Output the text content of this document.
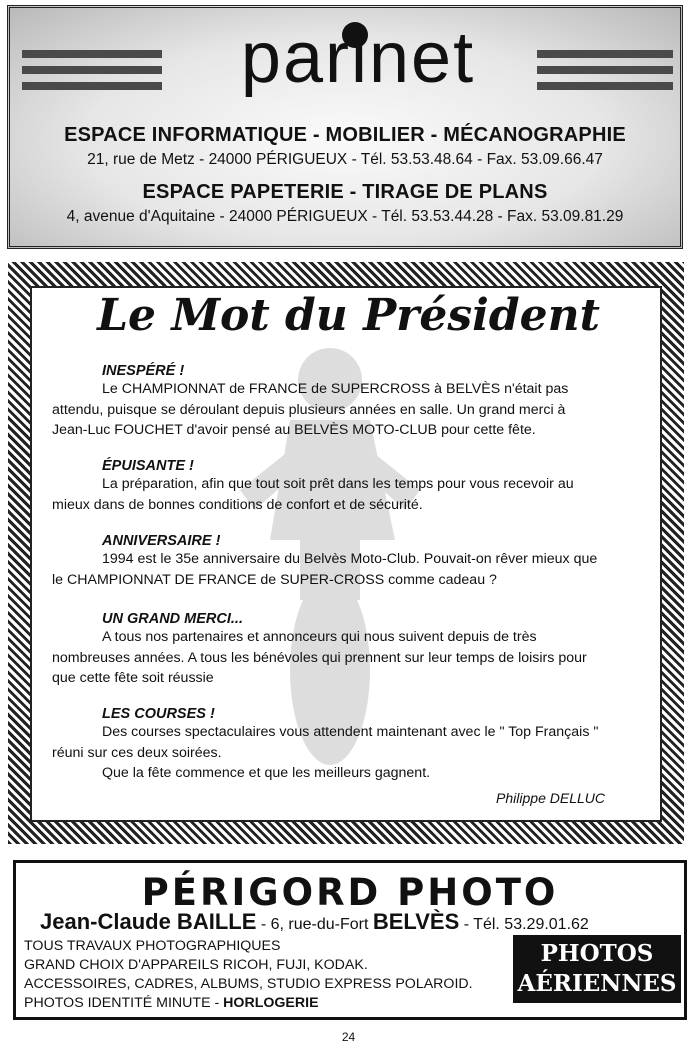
parinet
ESPACE INFORMATIQUE - MOBILIER - MÉCANOGRAPHIE
21, rue de Metz - 24000 PÉRIGUEUX - Tél. 53.53.48.64 - Fax. 53.09.66.47
ESPACE PAPETERIE - TIRAGE DE PLANS
4, avenue d'Aquitaine - 24000 PÉRIGUEUX - Tél. 53.53.44.28 - Fax. 53.09.81.29
Le Mot du Président
INESPÉRÉ !
Le CHAMPIONNAT de FRANCE de SUPERCROSS à BELVÈS n'était pas
attendu, puisque se déroulant depuis plusieurs années en salle. Un grand merci à
Jean-Luc FOUCHET d'avoir pensé au BELVÈS MOTO-CLUB pour cette fête.
ÉPUISANTE !
La préparation, afin que tout soit prêt dans les temps pour vous recevoir au
mieux dans de bonnes conditions de confort et de sécurité.
ANNIVERSAIRE !
1994 est le 35e anniversaire du Belvès Moto-Club. Pouvait-on rêver mieux que
le CHAMPIONNAT DE FRANCE de SUPER-CROSS comme cadeau ?
UN GRAND MERCI...
A tous nos partenaires et annonceurs qui nous suivent depuis de très
nombreuses années. A tous les bénévoles qui prennent sur leur temps de loisirs pour
que cette fête soit réussie
LES COURSES !
Des courses spectaculaires vous attendent maintenant avec le " Top Français "
réuni sur ces deux soirées.
Que la fête commence et que les meilleurs gagnent.
Philippe DELLUC
PÉRIGORD PHOTO
Jean-Claude BAILLE - 6, rue-du-Fort BELVÈS - Tél. 53.29.01.62
TOUS TRAVAUX PHOTOGRAPHIQUES
GRAND CHOIX D'APPAREILS RICOH, FUJI, KODAK.
ACCESSOIRES, CADRES, ALBUMS, STUDIO EXPRESS POLAROID.
PHOTOS IDENTITÉ MINUTE - HORLOGERIE
PHOTOS
AÉRIENNES
24
